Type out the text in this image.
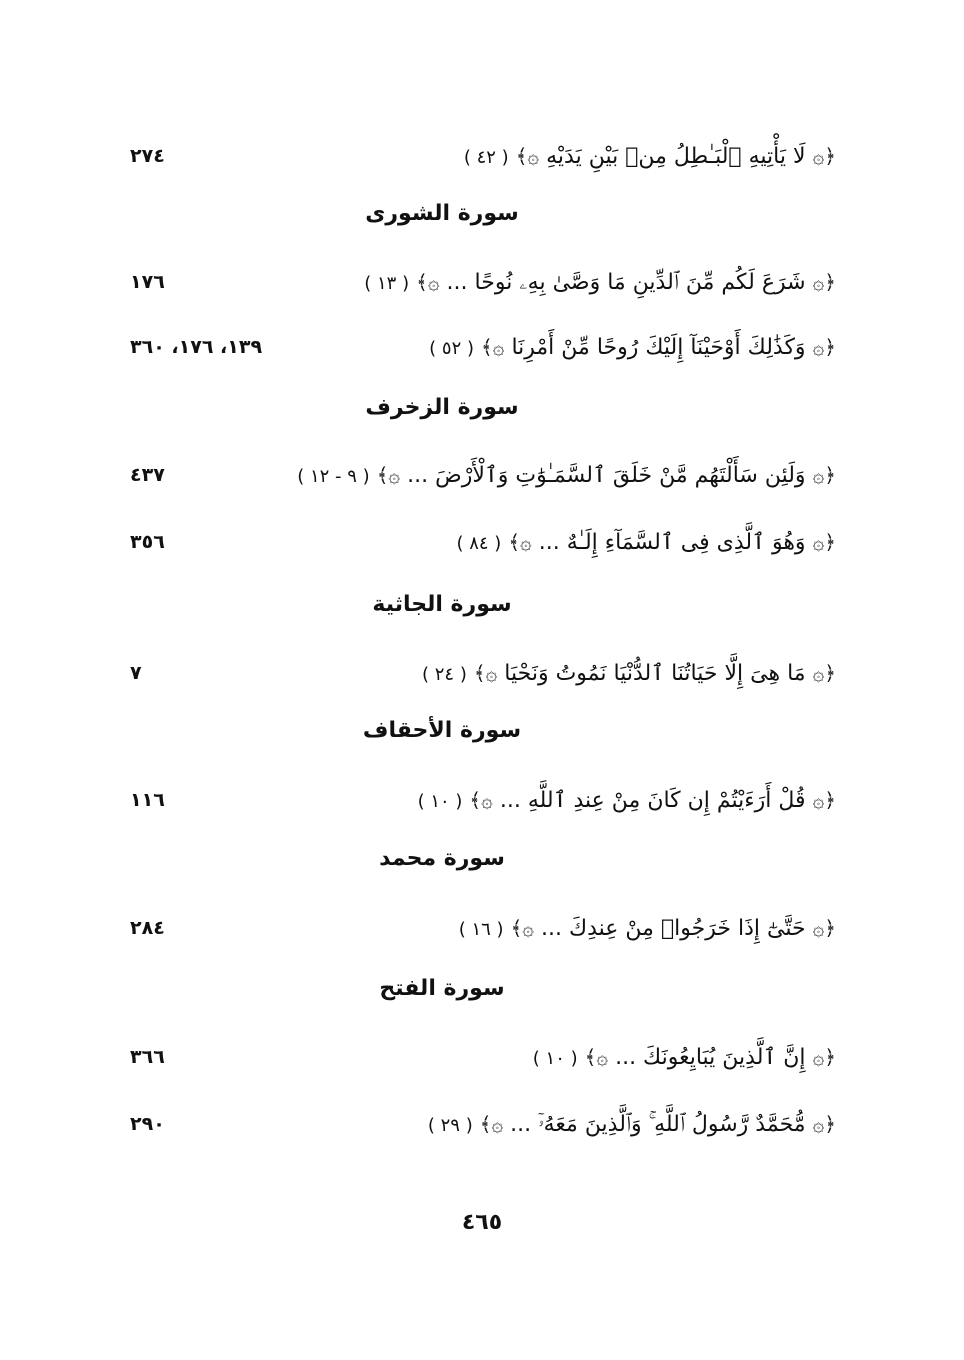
﴿۞ لَا يَأْتِيهِ ٱلْبَـٰطِلُ مِنۢ بَيْنِ يَدَيْهِ ۞﴾ ( ٤٢ )
٢٧٤
سورة الشورى
﴿۞ شَرَعَ لَكُم مِّنَ ٱلدِّينِ مَا وَصَّىٰ بِهِۦ نُوحًا ... ۞﴾ ( ١٣ )
١٧٦
﴿۞ وَكَذَٰلِكَ أَوْحَيْنَآ إِلَيْكَ رُوحًا مِّنْ أَمْرِنَا ۞﴾ ( ٥٢ )
١٣٩، ١٧٦، ٣٦٠
سورة الزخرف
﴿۞ وَلَئِن سَأَلْتَهُم مَّنْ خَلَقَ ٱلسَّمَـٰوَٰتِ وَٱلْأَرْضَ ... ۞﴾ ( ٩ - ١٢ )
٤٣٧
﴿۞ وَهُوَ ٱلَّذِى فِى ٱلسَّمَآءِ إِلَـٰهٌ ... ۞﴾ ( ٨٤ )
٣٥٦
سورة الجاثية
﴿۞ مَا هِىَ إِلَّا حَيَاتُنَا ٱلدُّنْيَا نَمُوتُ وَنَحْيَا ۞﴾ ( ٢٤ )
٧
سورة الأحقاف
﴿۞ قُلْ أَرَءَيْتُمْ إِن كَانَ مِنْ عِندِ ٱللَّهِ ... ۞﴾ ( ١٠ )
١١٦
سورة محمد
﴿۞ حَتَّىٰٓ إِذَا خَرَجُوا۟ مِنْ عِندِكَ ... ۞﴾ ( ١٦ )
٢٨٤
سورة الفتح
﴿۞ إِنَّ ٱلَّذِينَ يُبَايِعُونَكَ ... ۞﴾ ( ١٠ )
٣٦٦
﴿۞ مُّحَمَّدٌ رَّسُولُ ٱللَّهِ ۚ وَٱلَّذِينَ مَعَهُۥٓ ... ۞﴾ ( ٢٩ )
٢٩٠
٤٦٥
